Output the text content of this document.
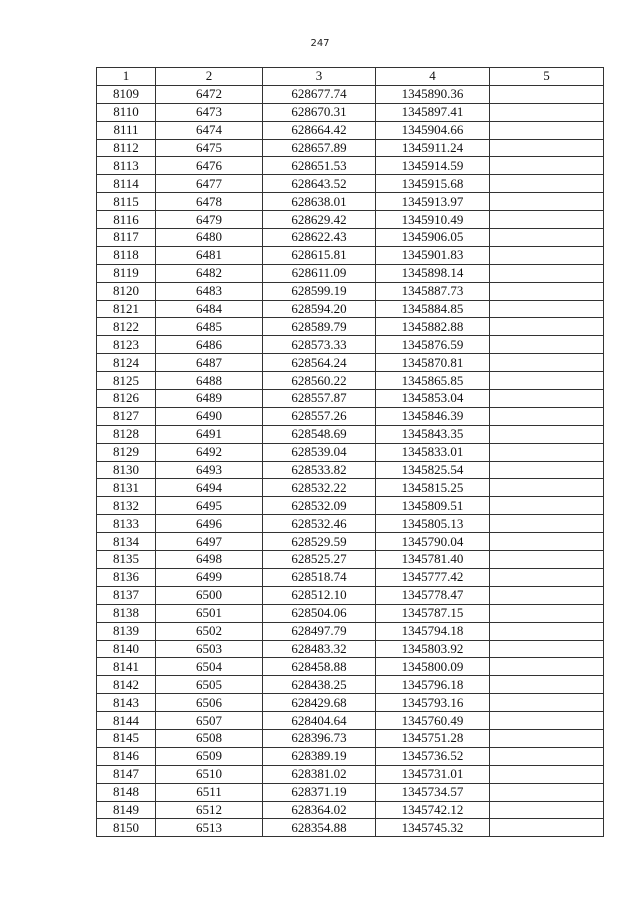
247
1	2	3	4	5
8109	6472	628677.74	1345890.36	
8110	6473	628670.31	1345897.41	
8111	6474	628664.42	1345904.66	
8112	6475	628657.89	1345911.24	
8113	6476	628651.53	1345914.59	
8114	6477	628643.52	1345915.68	
8115	6478	628638.01	1345913.97	
8116	6479	628629.42	1345910.49	
8117	6480	628622.43	1345906.05	
8118	6481	628615.81	1345901.83	
8119	6482	628611.09	1345898.14	
8120	6483	628599.19	1345887.73	
8121	6484	628594.20	1345884.85	
8122	6485	628589.79	1345882.88	
8123	6486	628573.33	1345876.59	
8124	6487	628564.24	1345870.81	
8125	6488	628560.22	1345865.85	
8126	6489	628557.87	1345853.04	
8127	6490	628557.26	1345846.39	
8128	6491	628548.69	1345843.35	
8129	6492	628539.04	1345833.01	
8130	6493	628533.82	1345825.54	
8131	6494	628532.22	1345815.25	
8132	6495	628532.09	1345809.51	
8133	6496	628532.46	1345805.13	
8134	6497	628529.59	1345790.04	
8135	6498	628525.27	1345781.40	
8136	6499	628518.74	1345777.42	
8137	6500	628512.10	1345778.47	
8138	6501	628504.06	1345787.15	
8139	6502	628497.79	1345794.18	
8140	6503	628483.32	1345803.92	
8141	6504	628458.88	1345800.09	
8142	6505	628438.25	1345796.18	
8143	6506	628429.68	1345793.16	
8144	6507	628404.64	1345760.49	
8145	6508	628396.73	1345751.28	
8146	6509	628389.19	1345736.52	
8147	6510	628381.02	1345731.01	
8148	6511	628371.19	1345734.57	
8149	6512	628364.02	1345742.12	
8150	6513	628354.88	1345745.32	
